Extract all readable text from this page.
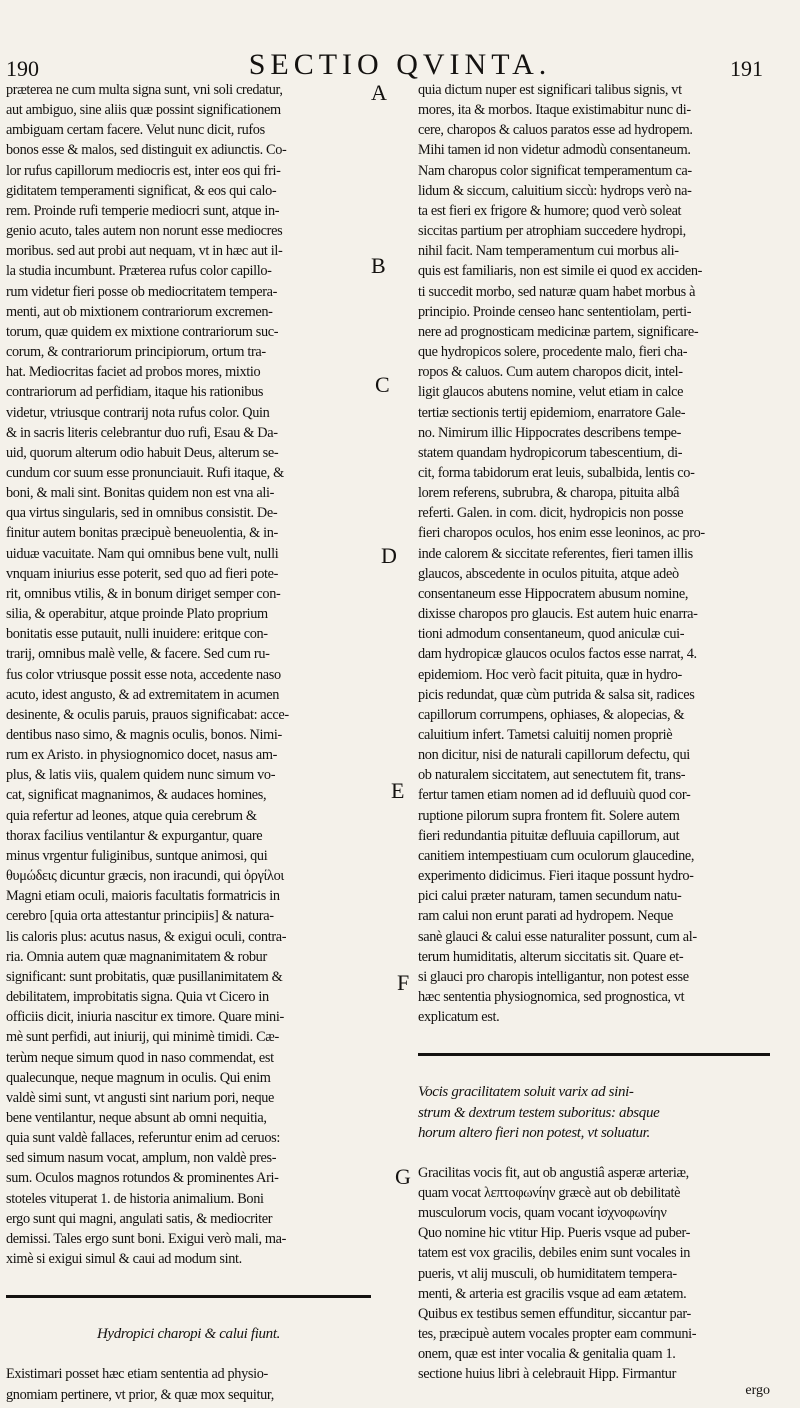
190	SECTIO QVINTA.	191
præterea ne cum multa signa sunt, vni soli credatur,
aut ambiguo, sine aliis quæ possint significationem
ambiguam certam facere. Velut nunc dicit, rufos
bonos esse & malos, sed distinguit ex adiunctis. Co-
lor rufus capillorum mediocris est, inter eos qui fri-
giditatem temperamenti significat, & eos qui calo-
rem. Proinde rufi temperie mediocri sunt, atque in-
genio acuto, tales autem non norunt esse mediocres
moribus. sed aut probi aut nequam, vt in hæc aut il-
la studia incumbunt. Præterea rufus color capillo-
rum videtur fieri posse ob mediocritatem tempera-
menti, aut ob mixtionem contrariorum excremen-
torum, quæ quidem ex mixtione contrariorum suc-
corum, & contrariorum principiorum, ortum tra-
hat. Mediocritas faciet ad probos mores, mixtio
contrariorum ad perfidiam, itaque his rationibus
videtur, vtriusque contrarij nota rufus color. Quin
& in sacris literis celebrantur duo rufi, Esau & Da-
uid, quorum alterum odio habuit Deus, alterum se-
cundum cor suum esse pronunciauit. Rufi itaque, &
boni, & mali sint. Bonitas quidem non est vna ali-
qua virtus singularis, sed in omnibus consistit. De-
finitur autem bonitas præcipuè beneuolentia, & in-
uiduæ vacuitate. Nam qui omnibus bene vult, nulli
vnquam iniurius esse poterit, sed quo ad fieri pote-
rit, omnibus vtilis, & in bonum diriget semper con-
silia, & operabitur, atque proinde Plato proprium
bonitatis esse putauit, nulli inuidere: eritque con-
trarij, omnibus malè velle, & facere. Sed cum ru-
fus color vtriusque possit esse nota, accedente naso
acuto, idest angusto, & ad extremitatem in acumen
desinente, & oculis paruis, prauos significabat: acce-
dentibus naso simo, & magnis oculis, bonos. Nimi-
rum ex Aristo. in physiognomico docet, nasus am-
plus, & latis viis, qualem quidem nunc simum vo-
cat, significat magnanimos, & audaces homines,
quia refertur ad leones, atque quia cerebrum &
thorax facilius ventilantur & expurgantur, quare
minus vrgentur fuliginibus, suntque animosi, qui
θυμώδεις dicuntur græcis, non iracundi, qui ὀργίλοι
Magni etiam oculi, maioris facultatis formatricis in
cerebro [quia orta attestantur principiis] & natura-
lis caloris plus: acutus nasus, & exigui oculi, contra-
ria. Omnia autem quæ magnanimitatem & robur
significant: sunt probitatis, quæ pusillanimitatem &
debilitatem, improbitatis signa. Quia vt Cicero in
officiis dicit, iniuria nascitur ex timore. Quare mini-
mè sunt perfidi, aut iniurij, qui minimè timidi. Cæ-
terùm neque simum quod in naso commendat, est
qualecunque, neque magnum in oculis. Qui enim
valdè simi sunt, vt angusti sint narium pori, neque
bene ventilantur, neque absunt ab omni nequitia,
quia sunt valdè fallaces, referuntur enim ad ceruos:
sed simum nasum vocat, amplum, non valdè pres-
sum. Oculos magnos rotundos & prominentes Ari-
stoteles vituperat 1. de historia animalium. Boni
ergo sunt qui magni, angulati satis, & mediocriter
demissi. Tales ergo sunt boni. Exigui verò mali, ma-
ximè si exigui simul & caui ad modum sint.
Hydropici charopi & calui fiunt.
Existimari posset hæc etiam sententia ad physio-
gnomiam pertinere, vt prior, & quæ mox sequitur,
quia dictum nuper est significari talibus signis, vt
mores, ita & morbos. Itaque existimabitur nunc di-
cere, charopos & caluos paratos esse ad hydropem.
Mihi tamen id non videtur admodù consentaneum.
Nam charopus color significat temperamentum ca-
lidum & siccum, caluitium siccù: hydrops verò na-
ta est fieri ex frigore & humore; quod verò soleat
siccitas partium per atrophiam succedere hydropi,
nihil facit. Nam temperamentum cui morbus ali-
quis est familiaris, non est simile ei quod ex acciden-
ti succedit morbo, sed naturæ quam habet morbus à
principio. Proinde censeo hanc sententiolam, perti-
nere ad prognosticam medicinæ partem, significare-
que hydropicos solere, procedente malo, fieri cha-
ropos & caluos. Cum autem charopos dicit, intel-
ligit glaucos abutens nomine, velut etiam in calce
tertiæ sectionis tertij epidemiom, enarratore Gale-
no. Nimirum illic Hippocrates describens tempe-
statem quandam hydropicorum tabescentium, di-
cit, forma tabidorum erat leuis, subalbida, lentis co-
lorem referens, subrubra, & charopa, pituita albâ
referti. Galen. in com. dicit, hydropicis non posse
fieri charopos oculos, hos enim esse leoninos, ac pro-
inde calorem & siccitate referentes, fieri tamen illis
glaucos, abscedente in oculos pituita, atque adeò
consentaneum esse Hippocratem abusum nomine,
dixisse charopos pro glaucis. Est autem huic enarra-
tioni admodum consentaneum, quod aniculæ cui-
dam hydropicæ glaucos oculos factos esse narrat, 4.
epidemiom. Hoc verò facit pituita, quæ in hydro-
picis redundat, quæ cùm putrida & salsa sit, radices
capillorum corrumpens, ophiases, & alopecias, &
caluitium infert. Tametsi caluitij nomen propriè
non dicitur, nisi de naturali capillorum defectu, qui
ob naturalem siccitatem, aut senectutem fit, trans-
fertur tamen etiam nomen ad id defluuiù quod cor-
ruptione pilorum supra frontem fit. Solere autem
fieri redundantia pituitæ defluuia capillorum, aut
canitiem intempestiuam cum oculorum glaucedine,
experimento didicimus. Fieri itaque possunt hydro-
pici calui præter naturam, tamen secundum natu-
ram calui non erunt parati ad hydropem. Neque
sanè glauci & calui esse naturaliter possunt, cum al-
terum humiditatis, alterum siccitatis sit. Quare et-
si glauci pro charopis intelligantur, non potest esse
hæc sententia physiognomica, sed prognostica, vt
explicatum est.
Vocis gracilitatem soluit varix ad sini-
strum & dextrum testem suboritus: absque
horum altero fieri non potest, vt soluatur.
Gracilitas vocis fit, aut ob angustiâ asperæ arteriæ,
quam vocat λεπτοφωνίην græcè aut ob debilitatè
musculorum vocis, quam vocant ἰσχνοφωνίην
Quo nomine hic vtitur Hip. Pueris vsque ad puber-
tatem est vox gracilis, debiles enim sunt vocales in
pueris, vt alij musculi, ob humiditatem tempera-
menti, & arteria est gracilis vsque ad eam ætatem.
Quibus ex testibus semen effunditur, siccantur par-
tes, præcipuè autem vocales propter eam communi-
onem, quæ est inter vocalia & genitalia quam 1.
sectione huius libri à celebrauit Hipp. Firmantur
A
B
C
D
E
F
G
ergo
